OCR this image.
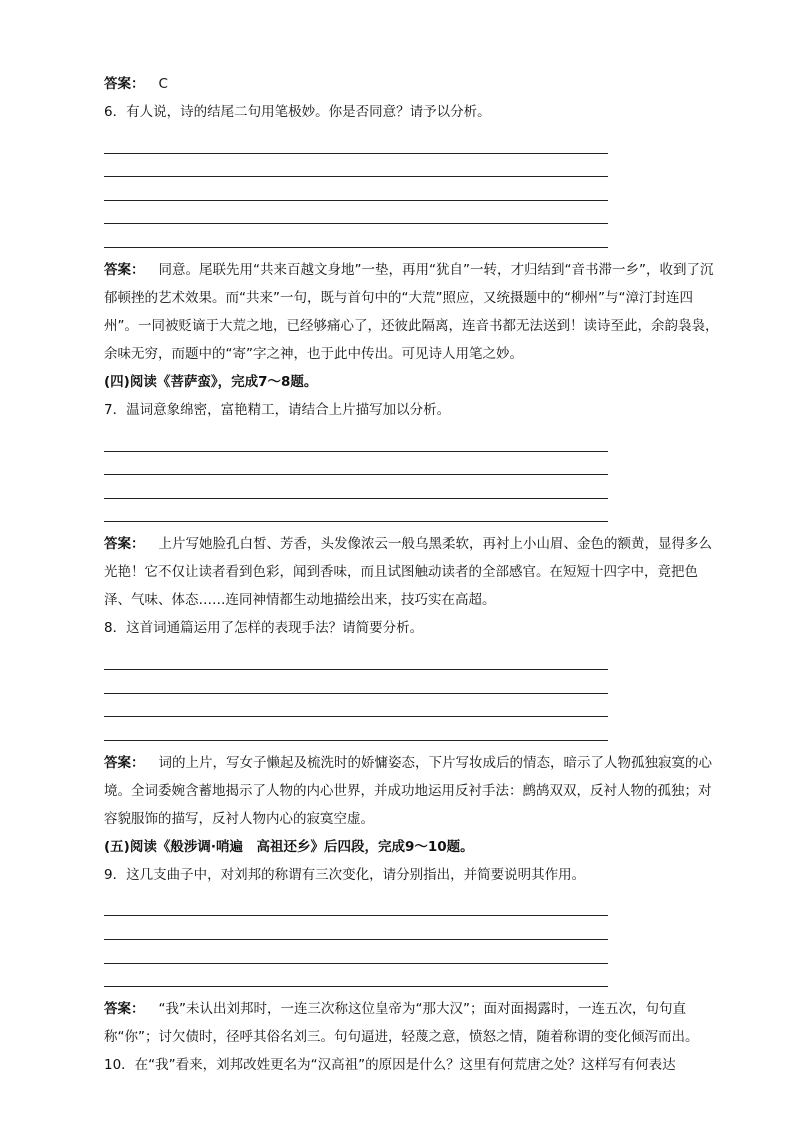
答案： C

6．有人说，诗的结尾二句用笔极妙。你是否同意？请予以分析。

答案： 同意。尾联先用“共来百越文身地”一垫，再用“犹自”一转，才归结到“音书滞一乡”，收到了沉郁顿挫的艺术效果。而“共来”一句，既与首句中的“大荒”照应，又统摄题中的“柳州”与“漳汀封连四州”。一同被贬谪于大荒之地，已经够痛心了，还彼此隔离，连音书都无法送到！读诗至此，余韵袅袅，余味无穷，而题中的“寄”字之神，也于此中传出。可见诗人用笔之妙。

(四)阅读《菩萨蛮》，完成7～8题。

7．温词意象绵密，富艳精工，请结合上片描写加以分析。

答案： 上片写她脸孔白皙、芳香，头发像浓云一般乌黑柔软，再衬上小山眉、金色的额黄，显得多么光艳！它不仅让读者看到色彩，闻到香味，而且试图触动读者的全部感官。在短短十四字中，竟把色泽、气味、体态……连同神情都生动地描绘出来，技巧实在高超。

8．这首词通篇运用了怎样的表现手法？请简要分析。

答案： 词的上片，写女子懒起及梳洗时的娇慵姿态，下片写妆成后的情态，暗示了人物孤独寂寞的心境。全词委婉含蓄地揭示了人物的内心世界，并成功地运用反衬手法：鹧鸪双双，反衬人物的孤独；对容貌服饰的描写，反衬人物内心的寂寞空虚。

(五)阅读《般涉调·哨遍　高祖还乡》后四段，完成9～10题。

9．这几支曲子中，对刘邦的称谓有三次变化，请分别指出，并简要说明其作用。

答案： “我”未认出刘邦时，一连三次称这位皇帝为“那大汉”；面对面揭露时，一连五次，句句直称“你”；讨欠债时，径呼其俗名刘三。句句逼进，轻蔑之意，愤怒之情，随着称谓的变化倾泻而出。

10．在“我”看来，刘邦改姓更名为“汉高祖”的原因是什么？这里有何荒唐之处？这样写有何表达
